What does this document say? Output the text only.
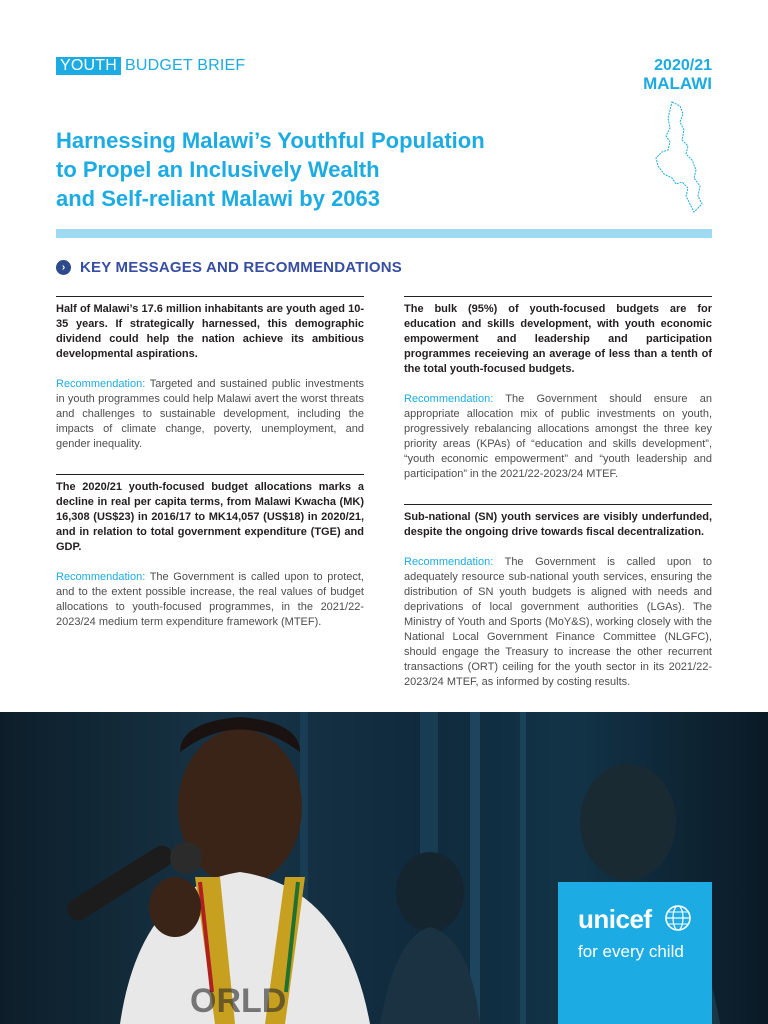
YOUTH BUDGET BRIEF	2020/21
MALAWI
Harnessing Malawi’s Youthful Population
to Propel an Inclusively Wealth
and Self-reliant Malawi by 2063
› KEY MESSAGES AND RECOMMENDATIONS

Half of Malawi’s 17.6 million inhabitants are youth aged 10-35 years. If strategically harnessed, this demographic dividend could help the nation achieve its ambitious developmental aspirations.

Recommendation: Targeted and sustained public investments in youth programmes could help Malawi avert the worst threats and challenges to sustainable development, including the impacts of climate change, poverty, unemployment, and gender inequality.

The 2020/21 youth-focused budget allocations marks a decline in real per capita terms, from Malawi Kwacha (MK) 16,308 (US$23) in 2016/17 to MK14,057 (US$18) in 2020/21, and in relation to total government expenditure (TGE) and GDP.

Recommendation: The Government is called upon to protect, and to the extent possible increase, the real values of budget allocations to youth-focused programmes, in the 2021/22-2023/24 medium term expenditure framework (MTEF).

The bulk (95%) of youth-focused budgets are for education and skills development, with youth economic empowerment and leadership and participation programmes receieving an average of less than a tenth of the total youth-focused budgets.

Recommendation: The Government should ensure an appropriate allocation mix of public investments on youth, progressively rebalancing allocations amongst the three key priority areas (KPAs) of “education and skills development”, “youth economic empowerment” and “youth leadership and participation” in the 2021/22-2023/24 MTEF.

Sub-national (SN) youth services are visibly underfunded, despite the ongoing drive towards fiscal decentralization.

Recommendation: The Government is called upon to adequately resource sub-national youth services, ensuring the distribution of SN youth budgets is aligned with needs and deprivations of local government authorities (LGAs). The Ministry of Youth and Sports (MoY&S), working closely with the National Local Government Finance Committee (NLGFC), should engage the Treasury to increase the other recurrent transactions (ORT) ceiling for the youth sector in its 2021/22-2023/24 MTEF, as informed by costing results.

ORLD
unicef
for every child
